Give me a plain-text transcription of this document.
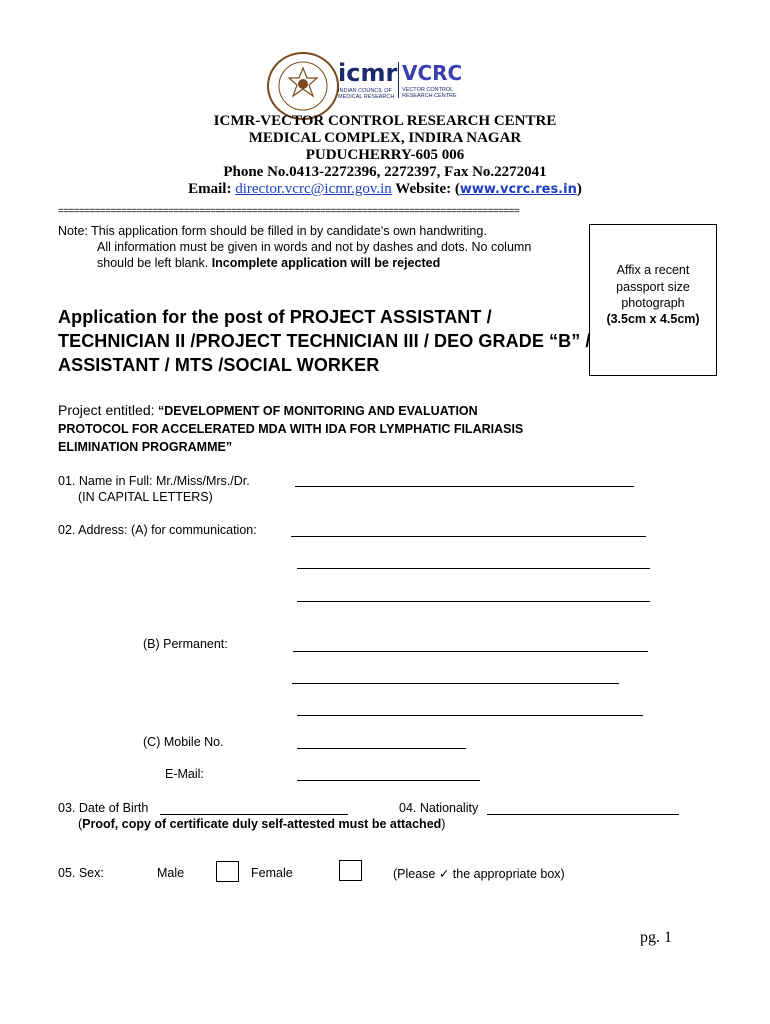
icmr
INDIAN COUNCIL OF
MEDICAL RESEARCH
VCRC
VECTOR CONTROL
RESEARCH CENTRE
ICMR-VECTOR CONTROL RESEARCH CENTRE
MEDICAL COMPLEX, INDIRA NAGAR
PUDUCHERRY-605 006
Phone No.0413-2272396, 2272397, Fax No.2272041
Email: director.vcrc@icmr.gov.in Website: (www.vcrc.res.in)
========================================================================================
Note: This application form should be filled in by candidate's own handwriting.
All information must be given in words and not by dashes and dots. No column
should be left blank. Incomplete application will be rejected	Affix a recent
passport size
photograph
(3.5cm x 4.5cm)
Application for the post of PROJECT ASSISTANT /
TECHNICIAN II /PROJECT TECHNICIAN III / DEO GRADE “B” /
ASSISTANT / MTS /SOCIAL WORKER
Project entitled: “DEVELOPMENT OF MONITORING AND EVALUATION
PROTOCOL FOR ACCELERATED MDA WITH IDA FOR LYMPHATIC FILARIASIS
ELIMINATION PROGRAMME”
01. Name in Full: Mr./Miss/Mrs./Dr.
(IN CAPITAL LETTERS)
02. Address: (A) for communication:
(B) Permanent:
(C) Mobile No.
E-Mail:
03. Date of Birth	04. Nationality
(Proof, copy of certificate duly self-attested must be attached)
05. Sex:	Male	Female	(Please ✓ the appropriate box)
pg. 1
